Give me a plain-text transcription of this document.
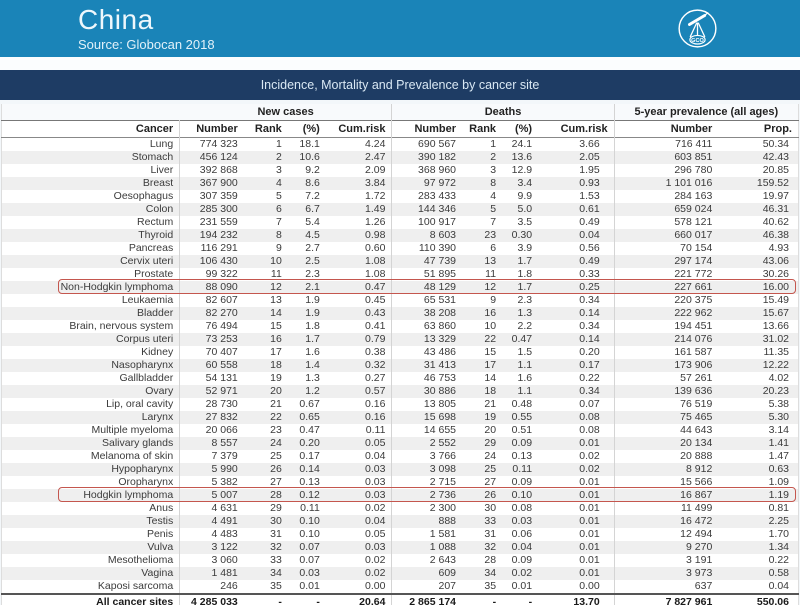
China
Source: Globocan 2018	GCO
Incidence, Mortality and Prevalence by cancer site
	New cases				Deaths				5-year prevalence (all ages)	
Cancer	Number	Rank	(%)	Cum.risk	Number	Rank	(%)	Cum.risk	Number	Prop.
Lung	774 323	1	18.1	4.24	690 567	1	24.1	3.66	716 411	50.34
Stomach	456 124	2	10.6	2.47	390 182	2	13.6	2.05	603 851	42.43
Liver	392 868	3	9.2	2.09	368 960	3	12.9	1.95	296 780	20.85
Breast	367 900	4	8.6	3.84	97 972	8	3.4	0.93	1 101 016	159.52
Oesophagus	307 359	5	7.2	1.72	283 433	4	9.9	1.53	284 163	19.97
Colon	285 300	6	6.7	1.49	144 346	5	5.0	0.61	659 024	46.31
Rectum	231 559	7	5.4	1.26	100 917	7	3.5	0.49	578 121	40.62
Thyroid	194 232	8	4.5	0.98	8 603	23	0.30	0.04	660 017	46.38
Pancreas	116 291	9	2.7	0.60	110 390	6	3.9	0.56	70 154	4.93
Cervix uteri	106 430	10	2.5	1.08	47 739	13	1.7	0.49	297 174	43.06
Prostate	99 322	11	2.3	1.08	51 895	11	1.8	0.33	221 772	30.26
Non-Hodgkin lymphoma	88 090	12	2.1	0.47	48 129	12	1.7	0.25	227 661	16.00
Leukaemia	82 607	13	1.9	0.45	65 531	9	2.3	0.34	220 375	15.49
Bladder	82 270	14	1.9	0.43	38 208	16	1.3	0.14	222 962	15.67
Brain, nervous system	76 494	15	1.8	0.41	63 860	10	2.2	0.34	194 451	13.66
Corpus uteri	73 253	16	1.7	0.79	13 329	22	0.47	0.14	214 076	31.02
Kidney	70 407	17	1.6	0.38	43 486	15	1.5	0.20	161 587	11.35
Nasopharynx	60 558	18	1.4	0.32	31 413	17	1.1	0.17	173 906	12.22
Gallbladder	54 131	19	1.3	0.27	46 753	14	1.6	0.22	57 261	4.02
Ovary	52 971	20	1.2	0.57	30 886	18	1.1	0.34	139 636	20.23
Lip, oral cavity	28 730	21	0.67	0.16	13 805	21	0.48	0.07	76 519	5.38
Larynx	27 832	22	0.65	0.16	15 698	19	0.55	0.08	75 465	5.30
Multiple myeloma	20 066	23	0.47	0.11	14 655	20	0.51	0.08	44 643	3.14
Salivary glands	8 557	24	0.20	0.05	2 552	29	0.09	0.01	20 134	1.41
Melanoma of skin	7 379	25	0.17	0.04	3 766	24	0.13	0.02	20 888	1.47
Hypopharynx	5 990	26	0.14	0.03	3 098	25	0.11	0.02	8 912	0.63
Oropharynx	5 382	27	0.13	0.03	2 715	27	0.09	0.01	15 566	1.09
Hodgkin lymphoma	5 007	28	0.12	0.03	2 736	26	0.10	0.01	16 867	1.19
Anus	4 631	29	0.11	0.02	2 300	30	0.08	0.01	11 499	0.81
Testis	4 491	30	0.10	0.04	888	33	0.03	0.01	16 472	2.25
Penis	4 483	31	0.10	0.05	1 581	31	0.06	0.01	12 494	1.70
Vulva	3 122	32	0.07	0.03	1 088	32	0.04	0.01	9 270	1.34
Mesothelioma	3 060	33	0.07	0.02	2 643	28	0.09	0.01	3 191	0.22
Vagina	1 481	34	0.03	0.02	609	34	0.02	0.01	3 973	0.58
Kaposi sarcoma	246	35	0.01	0.00	207	35	0.01	0.00	637	0.04
All cancer sites	4 285 033	-	-	20.64	2 865 174	-	-	13.70	7 827 961	550.06
